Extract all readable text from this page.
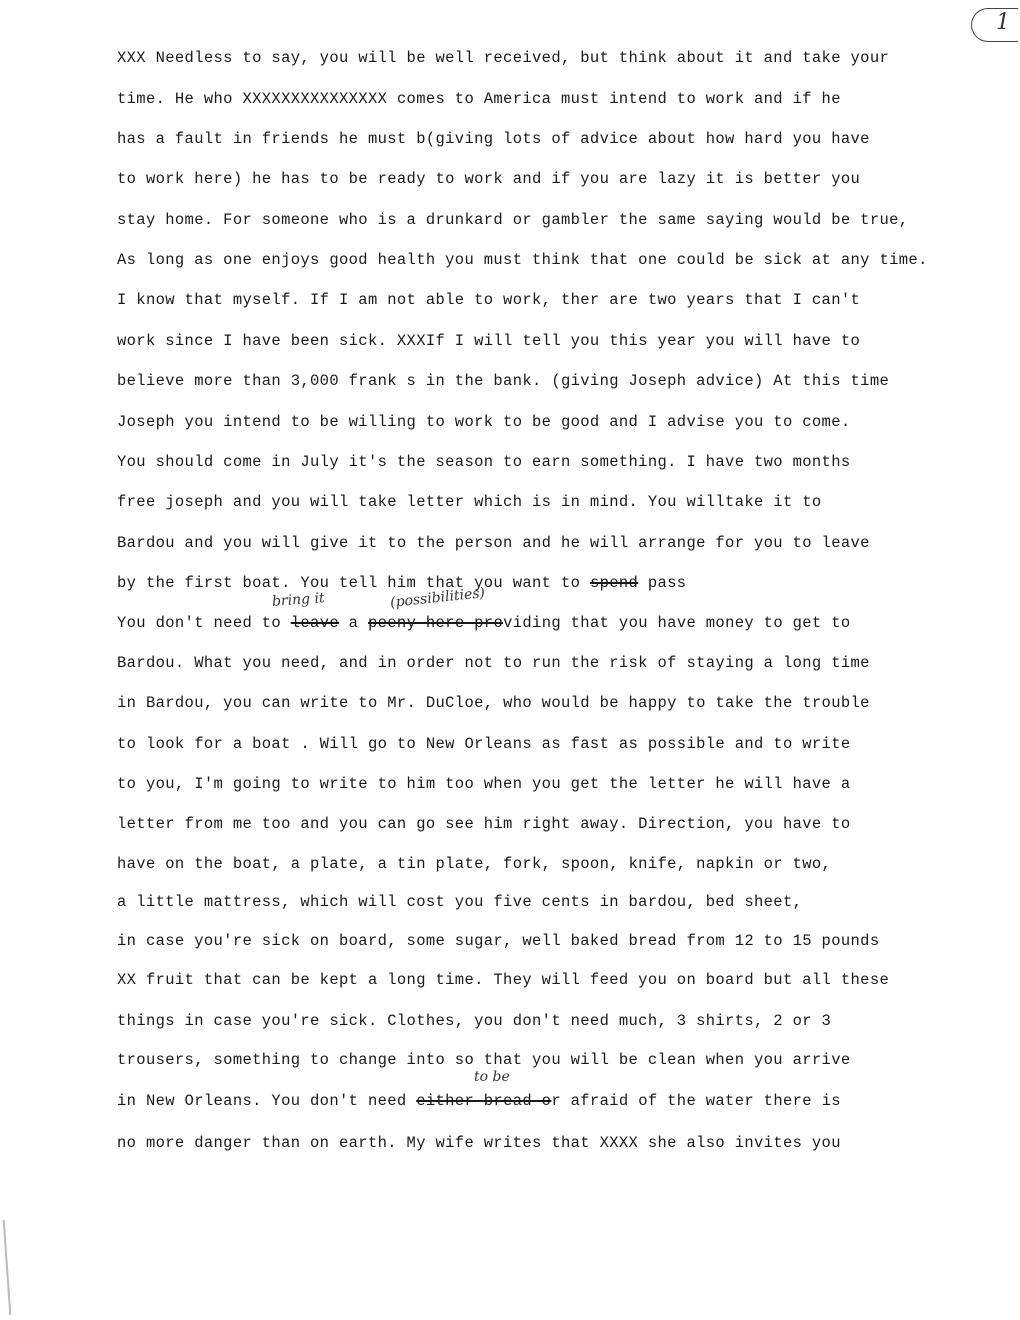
1
XXX Needless to say, you will be well received, but think about it and take your
time. He who XXXXXXXXXXXXXXX comes to America must intend to work and if he
has a fault in friends he must b(giving lots of advice about how hard you have
to work here) he has to be ready to work and if you are lazy it is better you
stay home. For someone who is a drunkard or gambler the same saying would be true,
As long as one enjoys good health you must think that one could be sick at any time.
I know that myself. If I am not able to work, ther are two years that I can't
work since I have been sick. XXXIf I will tell you this year you will have to
believe more than 3,000 frank s in the bank. (giving Joseph advice) At this time
Joseph you intend to be willing to work to be good and I advise you to come.
You should come in July it's the season to earn something. I have two months
free joseph and you will take letter which is in mind. You willtake it to
Bardou and you will give it to the person and he will arrange for you to leave
by the first boat. You tell him that you want to spend pass
bring it	(possibilities)
You don't need to leave a peeny here providing that you have money to get to
Bardou. What you need, and in order not to run the risk of staying a long time
in Bardou, you can write to Mr. DuCloe, who would be happy to take the trouble
to look for a boat . Will go to New Orleans as fast as possible and to write
to you, I'm going to write to him too when you get the letter he will have a
letter from me too and you can go see him right away. Direction, you have to
have on the boat, a plate, a tin plate, fork, spoon, knife, napkin or two,
a little mattress, which will cost you five cents in bardou, bed sheet,
in case you're sick on board, some sugar, well baked bread from 12 to 15 pounds
XX fruit that can be kept a long time. They will feed you on board but all these
things in case you're sick. Clothes, you don't need much, 3 shirts, 2 or 3
trousers, something to change into so that you will be clean when you arrive
to be
in New Orleans. You don't need either bread or afraid of the water there is
no more danger than on earth. My wife writes that XXXX she also invites you
